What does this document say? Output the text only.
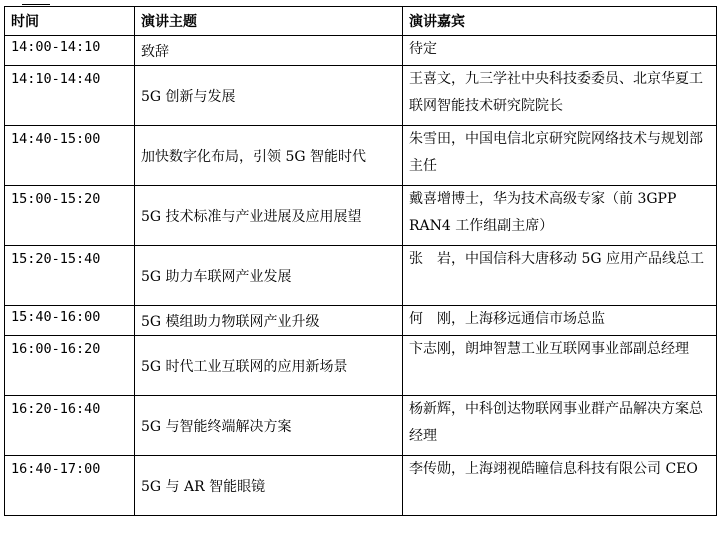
时间	演讲主题	演讲嘉宾
14:00-14:10	致辞	待定
14:10-14:40	5G 创新与发展	王喜文，九三学社中央科技委委员、北京华夏工联网智能技术研究院院长
14:40-15:00	加快数字化布局，引领 5G 智能时代	朱雪田，中国电信北京研究院网络技术与规划部主任
15:00-15:20	5G 技术标准与产业进展及应用展望	戴喜增博士，华为技术高级专家（前 3GPP RAN4 工作组副主席）
15:20-15:40	5G 助力车联网产业发展	张　岩，中国信科大唐移动 5G 应用产品线总工
15:40-16:00	5G 模组助力物联网产业升级	何　刚，上海移远通信市场总监
16:00-16:20	5G 时代工业互联网的应用新场景	卞志刚，朗坤智慧工业互联网事业部副总经理
16:20-16:40	5G 与智能终端解决方案	杨新辉，中科创达物联网事业群产品解决方案总经理
16:40-17:00	5G 与 AR 智能眼镜	李传勋，上海翊视皓瞳信息科技有限公司 CEO
